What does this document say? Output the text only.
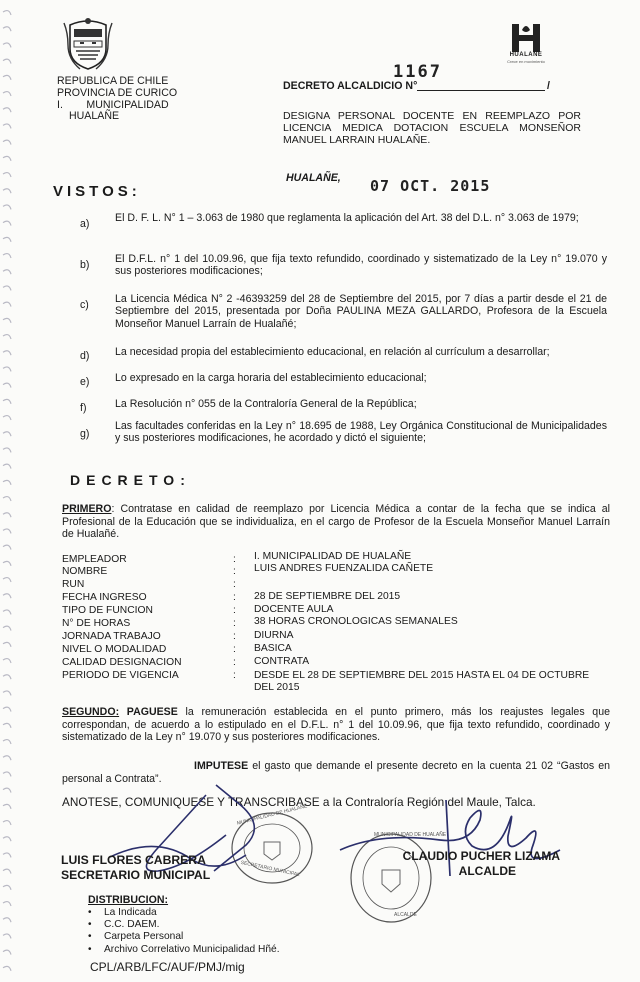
HUALANE
Crece en movimiento
REPUBLICA DE CHILE
PROVINCIA DE CURICO
I.        MUNICIPALIDAD
HUALAÑE
DECRETO ALCALDICIO N°
1167
/
DESIGNA PERSONAL DOCENTE EN REEMPLAZO POR LICENCIA MEDICA DOTACION ESCUELA MONSEÑOR MANUEL LARRAIN HUALAÑE.
HUALAÑE, 07 OCT. 2015
VISTOS:
a) El D. F. L. N° 1 – 3.063 de 1980 que reglamenta la aplicación del Art. 38 del D.L. n° 3.063 de 1979;
b) El D.F.L. n° 1 del 10.09.96, que fija texto refundido, coordinado y sistematizado de la Ley n° 19.070 y sus posteriores modificaciones;
c) La Licencia Médica N° 2 -46393259 del 28 de Septiembre del 2015, por 7 días a partir desde el 21 de Septiembre del 2015, presentada por Doña PAULINA MEZA GALLARDO, Profesora de la Escuela Monseñor Manuel Larraín de Hualañé;
d) La necesidad propia del establecimiento educacional, en relación al currículum a desarrollar;
e) Lo expresado en la carga horaria del establecimiento educacional;
f)	La Resolución n° 055 de la Contraloría General de la República;
g)
Las facultades conferidas en la Ley n° 18.695 de 1988, Ley Orgánica Constitucional de Municipalidades y sus posteriores modificaciones, he acordado y dictó el siguiente;
DECRETO:
PRIMERO: Contratase en calidad de reemplazo por Licencia Médica a contar de la fecha que se indica al Profesional de la Educación que se individualiza, en el cargo de Profesor de la Escuela Monseñor Manuel Larraín de Hualañé.
EMPLEADOR	: I. MUNICIPALIDAD DE HUALAÑE
NOMBRE	: LUIS ANDRES FUENZALIDA CAÑETE
RUN	:
FECHA INGRESO	: 28 DE SEPTIEMBRE DEL 2015
TIPO DE FUNCION	: DOCENTE AULA
N° DE HORAS	: 38 HORAS CRONOLOGICAS SEMANALES
JORNADA TRABAJO	: DIURNA
NIVEL O MODALIDAD	: BASICA
CALIDAD DESIGNACION	: CONTRATA
PERIODO DE VIGENCIA	: DESDE EL 28 DE SEPTIEMBRE DEL 2015 HASTA EL 04 DE OCTUBRE DEL 2015
SEGUNDO: PAGUESE la remuneración establecida en el punto primero, más los reajustes legales que correspondan, de acuerdo a lo estipulado en el D.F.L. n° 1 del 10.09.96, que fija texto refundido, coordinado y sistematizado de la Ley n° 19.070 y sus posteriores modificaciones.
IMPUTESE el gasto que demande el presente decreto en la cuenta 21 02 “Gastos en personal a Contrata”.
ANOTESE, COMUNIQUESE Y TRANSCRIBASE a la Contraloría Región del Maule, Talca.
MUNICIPALIDAD DE HUALAÑE
SECRETARIO MUNICIPAL
MUNICIPALIDAD DE HUALAÑE
ALCALDE
LUIS FLORES CABRERA
SECRETARIO MUNICIPAL
CLAUDIO PUCHER LIZAMA
ALCALDE
DISTRIBUCION:
• La Indicada
• C.C. DAEM.
• Carpeta Personal
• Archivo Correlativo Municipalidad Hñé.
CPL/ARB/LFC/AUF/PMJ/mig
